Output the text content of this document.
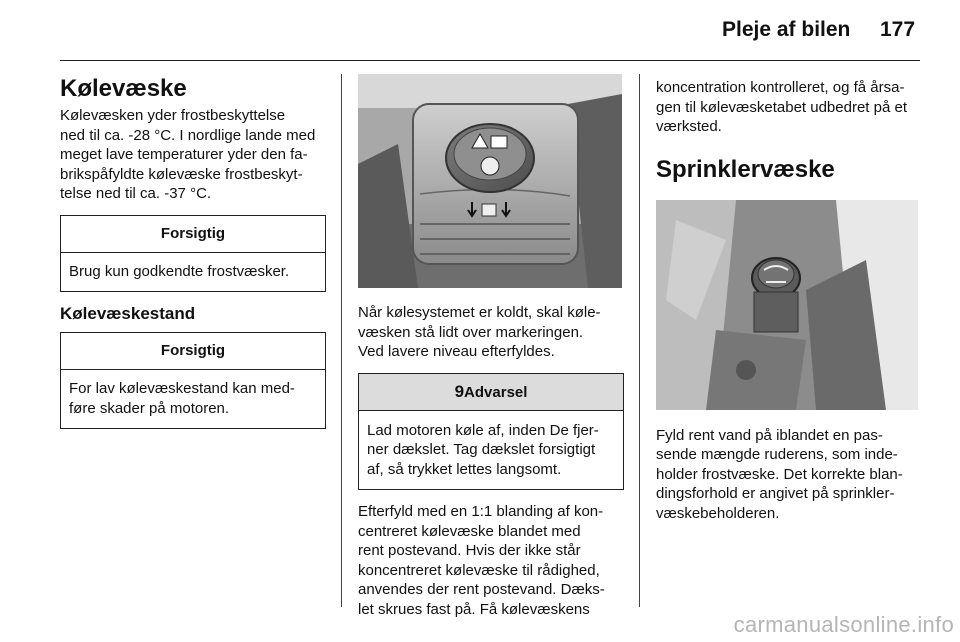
Pleje af bilen 177
Kølevæske
Kølevæsken yder frostbeskyttelse
ned til ca. -28 °C. I nordlige lande med
meget lave temperaturer yder den fa-
brikspåfyldte kølevæske frostbeskyt-
telse ned til ca. -37 °C.
Forsigtig
Brug kun godkendte frostvæsker.
Kølevæskestand
Forsigtig
For lav kølevæskestand kan med-
føre skader på motoren.
Når kølesystemet er koldt, skal køle-
væsken stå lidt over markeringen.
Ved lavere niveau efterfyldes.
9Advarsel
Lad motoren køle af, inden De fjer-
ner dækslet. Tag dækslet forsigtigt
af, så trykket lettes langsomt.
Efterfyld med en 1:1 blanding af kon-
centreret kølevæske blandet med
rent postevand. Hvis der ikke står
koncentreret kølevæske til rådighed,
anvendes der rent postevand. Dæks-
let skrues fast på. Få kølevæskens
koncentration kontrolleret, og få årsa-
gen til kølevæsketabet udbedret på et
værksted.
Sprinklervæske
Fyld rent vand på iblandet en pas-
sende mængde ruderens, som inde-
holder frostvæske. Det korrekte blan-
dingsforhold er angivet på sprinkler-
væskebeholderen.
carmanualsonline.info
